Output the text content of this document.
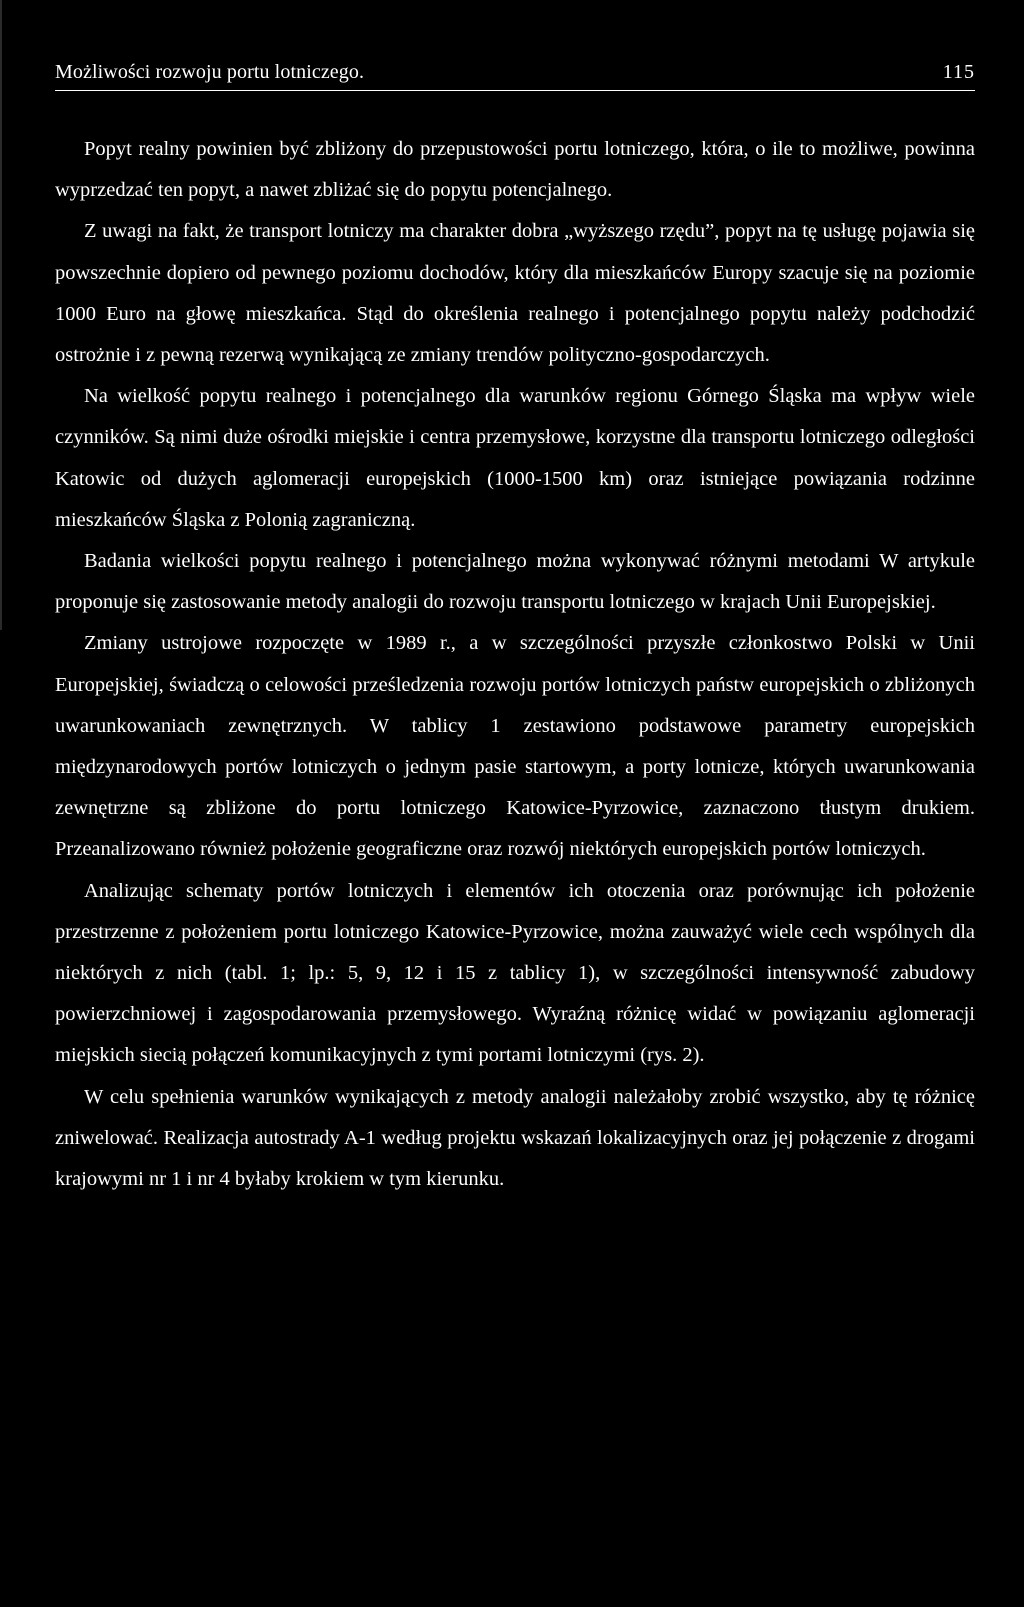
Możliwości rozwoju portu lotniczego.	115

Popyt realny powinien być zbliżony do przepustowości portu lotniczego, która, o ile to możliwe, powinna wyprzedzać ten popyt, a nawet zbliżać się do popytu potencjalnego.

Z uwagi na fakt, że transport lotniczy ma charakter dobra „wyższego rzędu”, popyt na tę usługę pojawia się powszechnie dopiero od pewnego poziomu dochodów, który dla mieszkańców Europy szacuje się na poziomie 1000 Euro na głowę mieszkańca. Stąd do określenia realnego i potencjalnego popytu należy podchodzić ostrożnie i z pewną rezerwą wynikającą ze zmiany trendów polityczno-gospodarczych.

Na wielkość popytu realnego i potencjalnego dla warunków regionu Górnego Śląska ma wpływ wiele czynników. Są nimi duże ośrodki miejskie i centra przemysłowe, korzystne dla transportu lotniczego odległości Katowic od dużych aglomeracji europejskich (1000-1500 km) oraz istniejące powiązania rodzinne mieszkańców Śląska z Polonią zagraniczną.

Badania wielkości popytu realnego i potencjalnego można wykonywać różnymi metodami W artykule proponuje się zastosowanie metody analogii do rozwoju transportu lotniczego w krajach Unii Europejskiej.

Zmiany ustrojowe rozpoczęte w 1989 r., a w szczególności przyszłe członkostwo Polski w Unii Europejskiej, świadczą o celowości prześledzenia rozwoju portów lotniczych państw europejskich o zbliżonych uwarunkowaniach zewnętrznych. W tablicy 1 zestawiono podstawowe parametry europejskich międzynarodowych portów lotniczych o jednym pasie startowym, a porty lotnicze, których uwarunkowania zewnętrzne są zbliżone do portu lotniczego Katowice-Pyrzowice, zaznaczono tłustym drukiem. Przeanalizowano również położenie geograficzne oraz rozwój niektórych europejskich portów lotniczych.

Analizując schematy portów lotniczych i elementów ich otoczenia oraz porównując ich położenie przestrzenne z położeniem portu lotniczego Katowice-Pyrzowice, można zauważyć wiele cech wspólnych dla niektórych z nich (tabl. 1; lp.: 5, 9, 12 i 15 z tablicy 1), w szczególności intensywność zabudowy powierzchniowej i zagospodarowania przemysłowego. Wyraźną różnicę widać w powiązaniu aglomeracji miejskich siecią połączeń komunikacyjnych z tymi portami lotniczymi (rys. 2).

W celu spełnienia warunków wynikających z metody analogii należałoby zrobić wszystko, aby tę różnicę zniwelować. Realizacja autostrady A-1 według projektu wskazań lokalizacyjnych oraz jej połączenie z drogami krajowymi nr 1 i nr 4 byłaby krokiem w tym kierunku.
